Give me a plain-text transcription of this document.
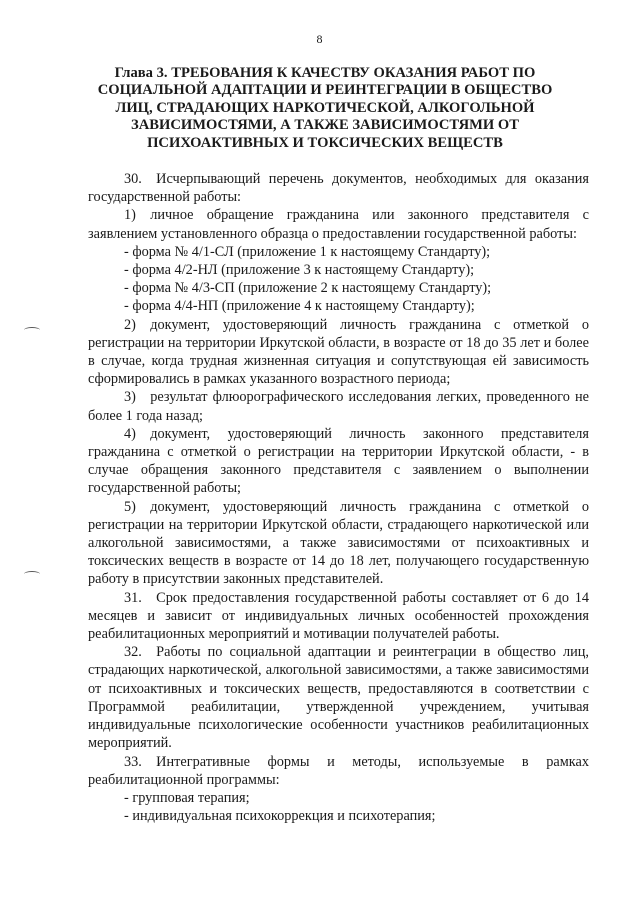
8
Глава 3. ТРЕБОВАНИЯ К КАЧЕСТВУ ОКАЗАНИЯ РАБОТ ПО СОЦИАЛЬНОЙ АДАПТАЦИИ И РЕИНТЕГРАЦИИ В ОБЩЕСТВО ЛИЦ, СТРАДАЮЩИХ НАРКОТИЧЕСКОЙ, АЛКОГОЛЬНОЙ ЗАВИСИМОСТЯМИ, А ТАКЖЕ ЗАВИСИМОСТЯМИ ОТ ПСИХОАКТИВНЫХ И ТОКСИЧЕСКИХ ВЕЩЕСТВ

30. Исчерпывающий перечень документов, необходимых для оказания государственной работы:

1) личное обращение гражданина или законного представителя с заявлением установленного образца о предоставлении государственной работы:

- форма № 4/1-СЛ (приложение 1 к настоящему Стандарту);

- форма 4/2-НЛ (приложение 3 к настоящему Стандарту);

- форма № 4/3-СП (приложение 2 к настоящему Стандарту);

- форма 4/4-НП (приложение 4 к настоящему Стандарту);

2) документ, удостоверяющий личность гражданина с отметкой о регистрации на территории Иркутской области, в возрасте от 18 до 35 лет и более в случае, когда трудная жизненная ситуация и сопутствующая ей зависимость сформировались в рамках указанного возрастного периода;

3) результат флюорографического исследования легких, проведенного не более 1 года назад;

4) документ, удостоверяющий личность законного представителя гражданина с отметкой о регистрации на территории Иркутской области, - в случае обращения законного представителя с заявлением о выполнении государственной работы;

5) документ, удостоверяющий личность гражданина с отметкой о регистрации на территории Иркутской области, страдающего наркотической или алкогольной зависимостями, а также зависимостями от психоактивных и токсических веществ в возрасте от 14 до 18 лет, получающего государственную работу в присутствии законных представителей.

31. Срок предоставления государственной работы составляет от 6 до 14 месяцев и зависит от индивидуальных личных особенностей прохождения реабилитационных мероприятий и мотивации получателей работы.

32. Работы по социальной адаптации и реинтеграции в общество лиц, страдающих наркотической, алкогольной зависимостями, а также зависимостями от психоактивных и токсических веществ, предоставляются в соответствии с Программой реабилитации, утвержденной учреждением, учитывая индивидуальные психологические особенности участников реабилитационных мероприятий.

33. Интегративные формы и методы, используемые в рамках реабилитационной программы:

- групповая терапия;

- индивидуальная психокоррекция и психотерапия;
